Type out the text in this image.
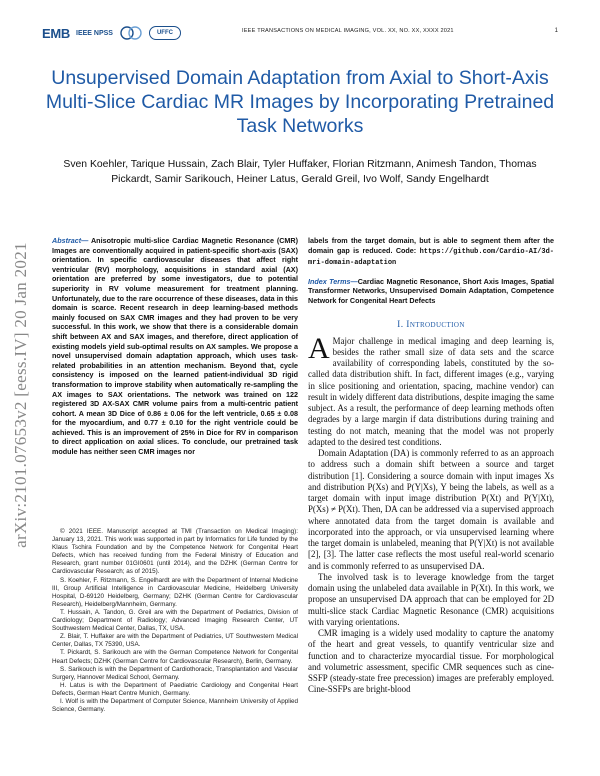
EMB IEEE NPSS	UFFC	IEEE TRANSACTIONS ON MEDICAL IMAGING, VOL. XX, NO. XX, XXXX 2021	1
arXiv:2101.07653v2 [eess.IV] 20 Jan 2021
Unsupervised Domain Adaptation from Axial to Short-Axis Multi-Slice Cardiac MR Images by Incorporating Pretrained Task Networks
Sven Koehler, Tarique Hussain, Zach Blair, Tyler Huffaker, Florian Ritzmann, Animesh Tandon, Thomas Pickardt, Samir Sarikouch, Heiner Latus, Gerald Greil, Ivo Wolf, Sandy Engelhardt
Abstract— Anisotropic multi-slice Cardiac Magnetic Resonance (CMR) Images are conventionally acquired in patient-specific short-axis (SAX) orientation. In specific cardiovascular diseases that affect right ventricular (RV) morphology, acquisitions in standard axial (AX) orientation are preferred by some investigators, due to potential superiority in RV volume measurement for treatment planning. Unfortunately, due to the rare occurrence of these diseases, data in this domain is scarce. Recent research in deep learning-based methods mainly focused on SAX CMR images and they had proven to be very successful. In this work, we show that there is a considerable domain shift between AX and SAX images, and therefore, direct application of existing models yield sub-optimal results on AX samples. We propose a novel unsupervised domain adaptation approach, which uses task-related probabilities in an attention mechanism. Beyond that, cycle consistency is imposed on the learned patient-individual 3D rigid transformation to improve stability when automatically re-sampling the AX images to SAX orientations. The network was trained on 122 registered 3D AX-SAX CMR volume pairs from a multi-centric patient cohort. A mean 3D Dice of 0.86 ± 0.06 for the left ventricle, 0.65 ± 0.08 for the myocardium, and 0.77 ± 0.10 for the right ventricle could be achieved. This is an improvement of 25% in Dice for RV in comparison to direct application on axial slices. To conclude, our pretrained task module has neither seen CMR images nor

© 2021 IEEE. Manuscript accepted at TMI (Transaction on Medical Imaging): January 13, 2021. This work was supported in part by Informatics for Life funded by the Klaus Tschira Foundation and by the Competence Network for Congenital Heart Defects, which has received funding from the Federal Ministry of Education and Research, grant number 01GI0601 (until 2014), and the DZHK (German Centre for Cardiovascular Research; as of 2015).

S. Koehler, F. Ritzmann, S. Engelhardt are with the Department of Internal Medicine III, Group Artificial Intelligence in Cardiovascular Medicine, Heidelberg University Hospital, D-69120 Heidelberg, Germany; DZHK (German Centre for Cardiovascular Research), Heidelberg/Mannheim, Germany.

T. Hussain, A. Tandon, G. Greil are with the Department of Pediatrics, Division of Cardiology; Department of Radiology; Advanced Imaging Research Center, UT Southwestern Medical Center, Dallas, TX, USA.

Z. Blair, T. Huffaker are with the Department of Pediatrics, UT Southwestern Medical Center, Dallas, TX 75390, USA.

T. Pickardt, S. Sarikouch are with the German Competence Network for Congenital Heart Defects; DZHK (German Centre for Cardiovascular Research), Berlin, Germany.

S. Sarikouch is with the Department of Cardiothoracic, Transplantation and Vascular Surgery, Hannover Medical School, Germany.

H. Latus is with the Department of Paediatric Cardiology and Congenital Heart Defects, German Heart Centre Munich, Germany.

I. Wolf is with the Department of Computer Science, Mannheim University of Applied Science, Germany.

labels from the target domain, but is able to segment them after the domain gap is reduced. Code: https://github.com/Cardio-AI/3d-mri-domain-adaptation
Index Terms—Cardiac Magnetic Resonance, Short Axis Images, Spatial Transformer Networks, Unsupervised Domain Adaptation, Competence Network for Congenital Heart Defects
I. Introduction

A Major challenge in medical imaging and deep learning is, besides the rather small size of data sets and the scarce availability of corresponding labels, constituted by the so-called data distribution shift. In fact, different images (e.g., varying in slice positioning and orientation, spacing, machine vendor) can result in widely different data distributions, despite imaging the same subject. As a result, the performance of deep learning methods often degrades by a large margin if data distributions during training and testing do not match, meaning that the model was not properly adapted to the desired test conditions.

Domain Adaptation (DA) is commonly referred to as an approach to address such a domain shift between a source and target distribution [1]. Considering a source domain with input images Xs and distribution P(Xs) and P(Y|Xs), Y being the labels, as well as a target domain with input image distribution P(Xt) and P(Y|Xt), P(Xs) ≠ P(Xt). Then, DA can be addressed via a supervised approach where annotated data from the target domain is available and incorporated into the approach, or via unsupervised learning where the target domain is unlabeled, meaning that P(Y|Xt) is not available [2], [3]. The latter case reflects the most useful real-world scenario and is commonly referred to as unsupervised DA.

The involved task is to leverage knowledge from the target domain using the unlabeled data available in P(Xt). In this work, we propose an unsupervised DA approach that can be employed for 2D multi-slice stack Cardiac Magnetic Resonance (CMR) acquisitions with varying orientations.

CMR imaging is a widely used modality to capture the anatomy of the heart and great vessels, to quantify ventricular size and function and to characterize myocardial tissue. For morphological and volumetric assessment, specific CMR sequences such as cine-SSFP (steady-state free precession) images are preferably employed. Cine-SSFPs are bright-blood
